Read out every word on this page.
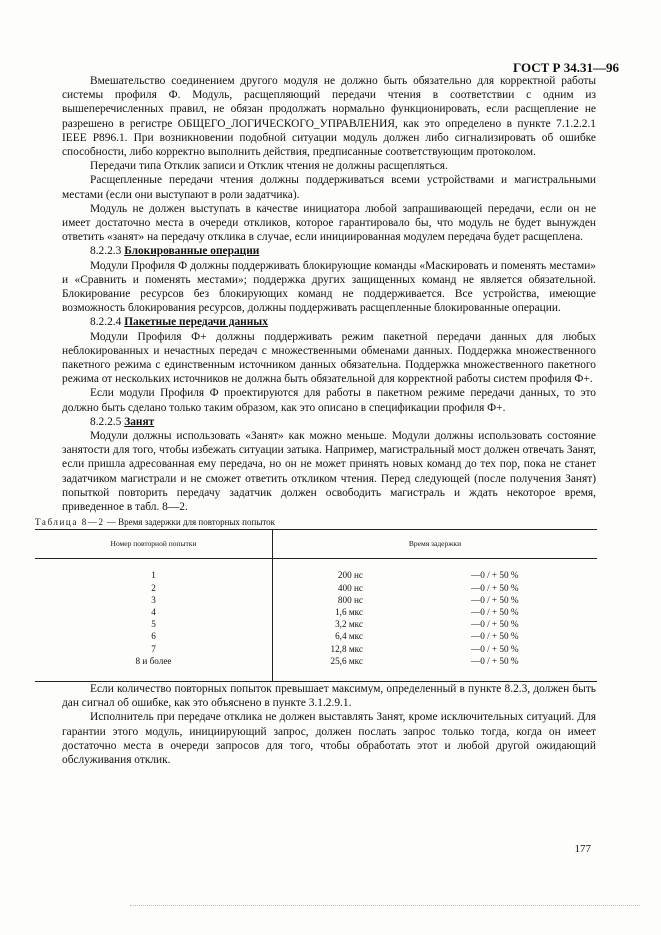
ГОСТ Р 34.31—96

Вмешательство соединением другого модуля не должно быть обязательно для корректной работы системы профиля Ф. Модуль, расщепляющий передачи чтения в соответствии с одним из вышеперечисленных правил, не обязан продолжать нормально функционировать, если расщепление не разрешено в регистре ОБЩЕГО_ЛОГИЧЕСКОГО_УПРАВЛЕНИЯ, как это определено в пункте 7.1.2.2.1 IEEE P896.1. При возникновении подобной ситуации модуль должен либо сигнализировать об ошибке способности, либо корректно выполнить действия, предписанные соответствующим протоколом.

Передачи типа Отклик записи и Отклик чтения не должны расщепляться.

Расщепленные передачи чтения должны поддерживаться всеми устройствами и магистральными местами (если они выступают в роли задатчика).

Модуль не должен выступать в качестве инициатора любой запрашивающей передачи, если он не имеет достаточно места в очереди откликов, которое гарантировало бы, что модуль не будет вынужден ответить «занят» на передачу отклика в случае, если инициированная модулем передача будет расщеплена.

8.2.2.3 Блокированные операции

Модули Профиля Ф должны поддерживать блокирующие команды «Маскировать и поменять местами» и «Сравнить и поменять местами»; поддержка других защищенных команд не является обязательной. Блокирование ресурсов без блокирующих команд не поддерживается. Все устройства, имеющие возможность блокирования ресурсов, должны поддерживать расщепленные блокированные операции.

8.2.2.4 Пакетные передачи данных

Модули Профиля Ф+ должны поддерживать режим пакетной передачи данных для любых неблокированных и нечастных передач с множественными обменами данных. Поддержка множественного пакетного режима с единственным источником данных обязательна. Поддержка множественного пакетного режима от нескольких источников не должна быть обязательной для корректной работы систем профиля Ф+.

Если модули Профиля Ф проектируются для работы в пакетном режиме передачи данных, то это должно быть сделано только таким образом, как это описано в спецификации профиля Ф+.

8.2.2.5 Занят

Модули должны использовать «Занят» как можно меньше. Модули должны использовать состояние занятости для того, чтобы избежать ситуации затыка. Например, магистральный мост должен отвечать Занят, если пришла адресованная ему передача, но он не может принять новых команд до тех пор, пока не станет задатчиком магистрали и не сможет ответить откликом чтения. Перед следующей (после получения Занят) попыткой повторить передачу задатчик должен освободить магистраль и ждать некоторое время, приведенное в табл. 8—2.

Таблица 8—2 — Время задержки для повторных попыток
Номер повторной попытки	Время задержки	
1	200 нс	—0 / + 50 %
2	400 нс	—0 / + 50 %
3	800 нс	—0 / + 50 %
4	1,6 мкс	—0 / + 50 %
5	3,2 мкс	—0 / + 50 %
6	6,4 мкс	—0 / + 50 %
7	12,8 мкс	—0 / + 50 %
8 и более	25,6 мкс	—0 / + 50 %

Если количество повторных попыток превышает максимум, определенный в пункте 8.2.3, должен быть дан сигнал об ошибке, как это объяснено в пункте 3.1.2.9.1.

Исполнитель при передаче отклика не должен выставлять Занят, кроме исключительных ситуаций. Для гарантии этого модуль, инициирующий запрос, должен послать запрос только тогда, когда он имеет достаточно места в очереди запросов для того, чтобы обработать этот и любой другой ожидающий обслуживания отклик.

177
